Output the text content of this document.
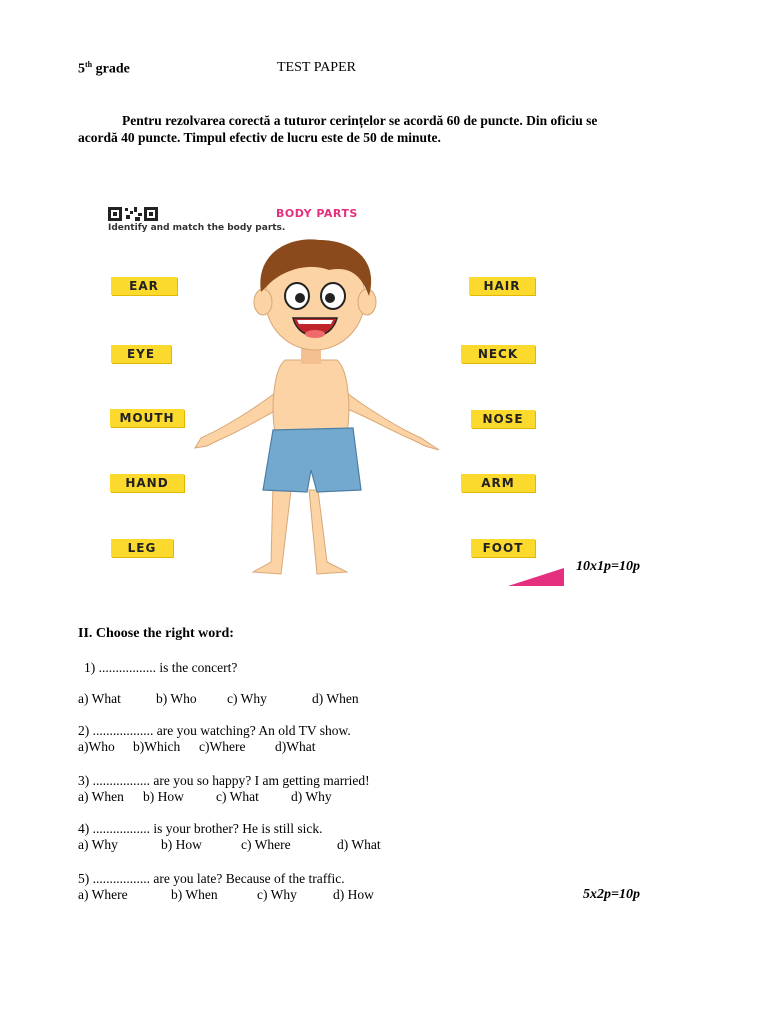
5th grade	TEST PAPER
Pentru rezolvarea corectă a tuturor cerințelor se acordă 60 de puncte. Din oficiu se acordă 40 puncte. Timpul efectiv de lucru este de 50 de minute.
BODY PARTS
Identify and match the body parts.
EAR
EYE
MOUTH
HAND
LEG
HAIR
NECK
NOSE
ARM
FOOT
10x1p=10p
II. Choose the right word:
1) ................. is the concert?
a) What	b) Who c) Why	d) When
2) .................. are you watching? An old TV show.
a)Who b)Which c)Where d)What
3) ................. are you so happy? I am getting married!
a) When b) How c) What d) Why
4) ................. is your brother? He is still sick.
a) Why	b) How	c) Where	d) What
5) ................. are you late? Because of the traffic.
a) Where	b) When	c) Why	d) How	5x2p=10p
